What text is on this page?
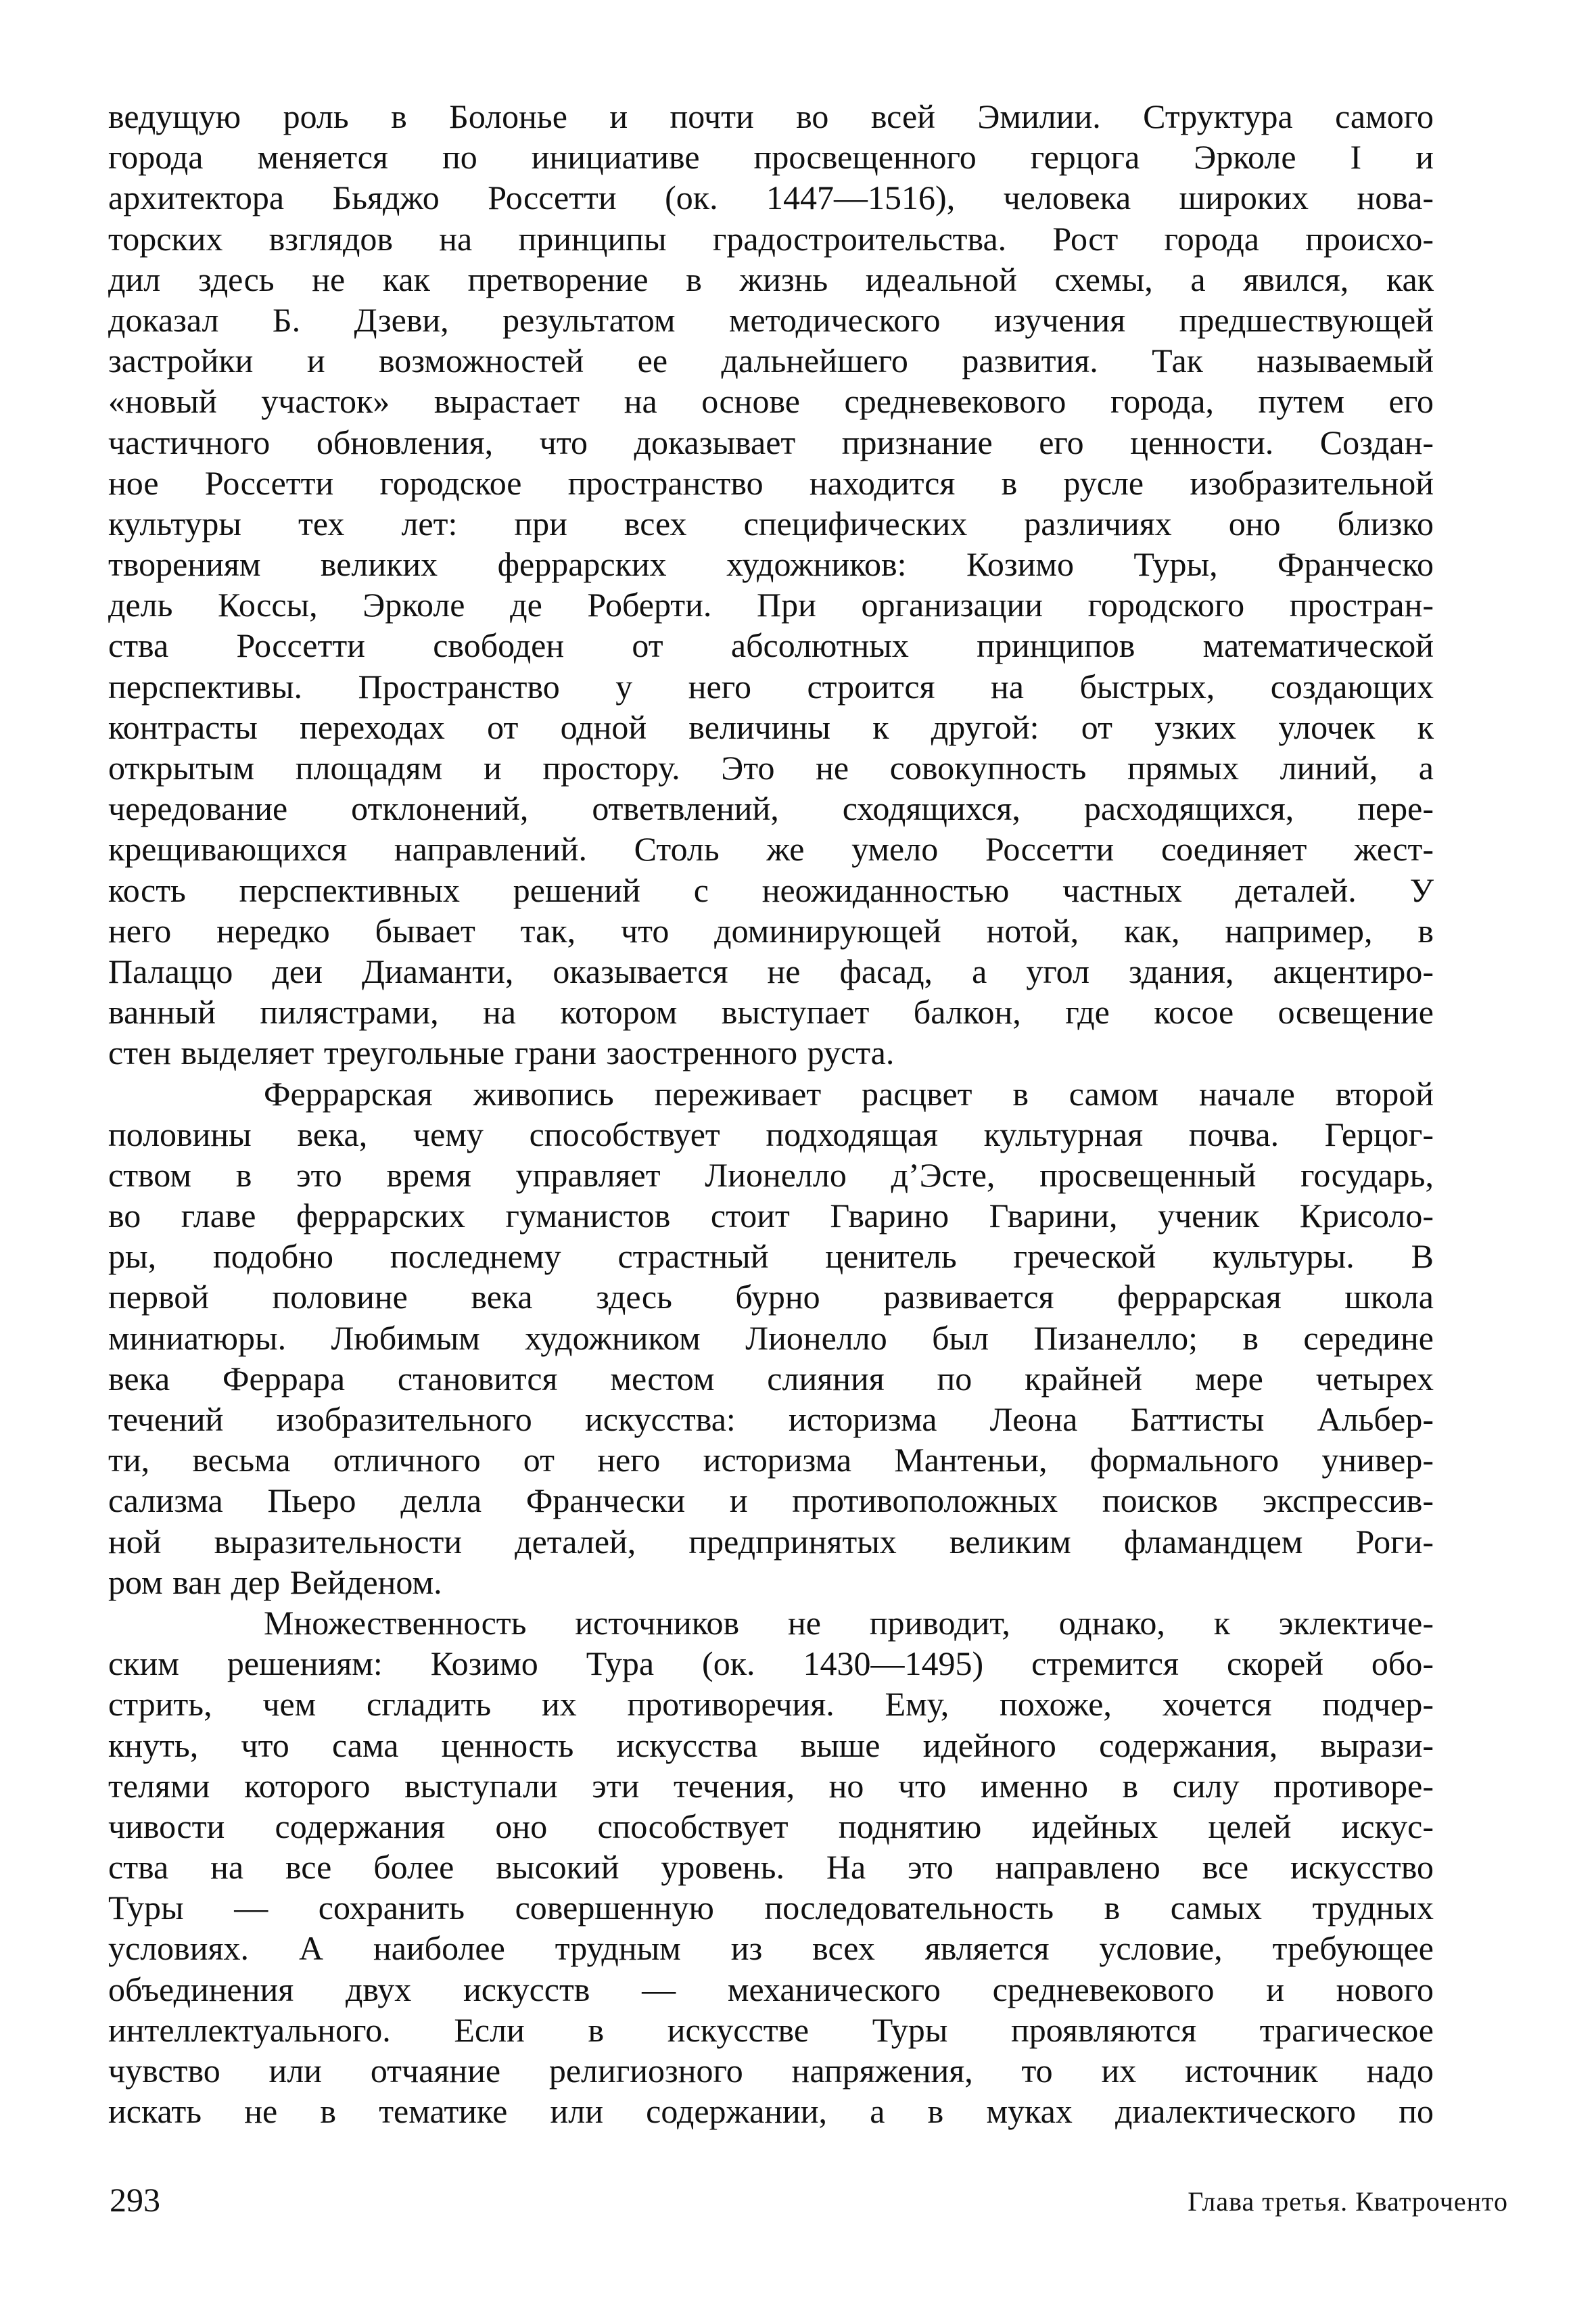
ведущую роль в Болонье и почти во всей Эмилии. Структура самого
города меняется по инициативе просвещенного герцога Эрколе I и
архитектора Бьяджо Россетти (ок. 1447—1516), человека широких нова-
торских взглядов на принципы градостроительства. Рост города происхо-
дил здесь не как претворение в жизнь идеальной схемы, а явился, как
доказал Б. Дзеви, результатом методического изучения предшествующей
застройки и возможностей ее дальнейшего развития. Так называемый
«новый участок» вырастает на основе средневекового города, путем его
частичного обновления, что доказывает признание его ценности. Создан-
ное Россетти городское пространство находится в русле изобразительной
культуры тех лет: при всех специфических различиях оно близко
творениям великих феррарских художников: Козимо Туры, Франческо
дель Коссы, Эрколе де Роберти. При организации городского простран-
ства Россетти свободен от абсолютных принципов математической
перспективы. Пространство у него строится на быстрых, создающих
контрасты переходах от одной величины к другой: от узких улочек к
открытым площадям и простору. Это не совокупность прямых линий, а
чередование отклонений, ответвлений, сходящихся, расходящихся, пере-
крещивающихся направлений. Столь же умело Россетти соединяет жест-
кость перспективных решений с неожиданностью частных деталей. У
него нередко бывает так, что доминирующей нотой, как, например, в
Палаццо деи Диаманти, оказывается не фасад, а угол здания, акцентиро-
ванный пилястрами, на котором выступает балкон, где косое освещение
стен выделяет треугольные грани заостренного руста.
Феррарская живопись переживает расцвет в самом начале второй
половины века, чему способствует подходящая культурная почва. Герцог-
ством в это время управляет Лионелло д’Эсте, просвещенный государь,
во главе феррарских гуманистов стоит Гварино Гварини, ученик Крисоло-
ры, подобно последнему страстный ценитель греческой культуры. В
первой половине века здесь бурно развивается феррарская школа
миниатюры. Любимым художником Лионелло был Пизанелло; в середине
века Феррара становится местом слияния по крайней мере четырех
течений изобразительного искусства: историзма Леона Баттисты Альбер-
ти, весьма отличного от него историзма Мантеньи, формального универ-
сализма Пьеро делла Франчески и противоположных поисков экспрессив-
ной выразительности деталей, предпринятых великим фламандцем Роги-
ром ван дер Вейденом.
Множественность источников не приводит, однако, к эклектиче-
ским решениям: Козимо Тура (ок. 1430—1495) стремится скорей обо-
стрить, чем сгладить их противоречия. Ему, похоже, хочется подчер-
кнуть, что сама ценность искусства выше идейного содержания, вырази-
телями которого выступали эти течения, но что именно в силу противоре-
чивости содержания оно способствует поднятию идейных целей искус-
ства на все более высокий уровень. На это направлено все искусство
Туры — сохранить совершенную последовательность в самых трудных
условиях. А наиболее трудным из всех является условие, требующее
объединения двух искусств — механического средневекового и нового
интеллектуального. Если в искусстве Туры проявляются трагическое
чувство или отчаяние религиозного напряжения, то их источник надо
искать не в тематике или содержании, а в муках диалектического по

293	Глава третья. Кватроченто
